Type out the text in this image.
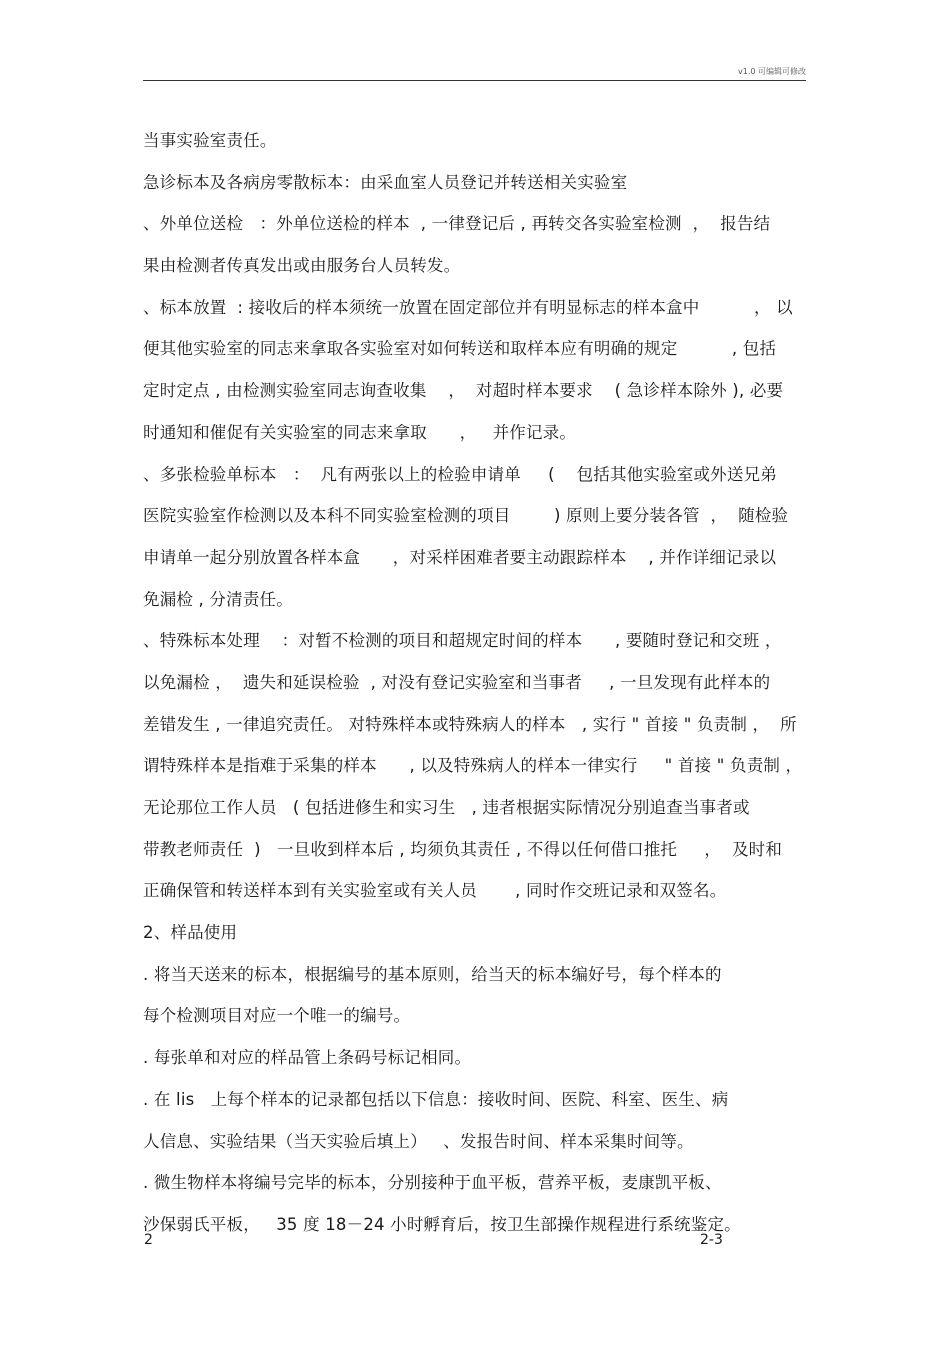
v1.0 可编辑可修改
当事实验室责任。
急诊标本及各病房零散标本：由采血室人员登记并转送相关实验室
、外单位送检   ：外单位送检的样本  , 一律登记后 , 再转交各实验室检测  ，  报告结
果由检测者传真发出或由服务台人员转发。
、标本放置  : 接收后的样本须统一放置在固定部位并有明显标志的样本盒中          ， 以
便其他实验室的同志来拿取各实验室对如何转送和取样本应有明确的规定          , 包括
定时定点 , 由检测实验室同志询查收集    ，  对超时样本要求    ( 急诊样本除外 ), 必要
时通知和催促有关实验室的同志来拿取      ，   并作记录。
、多张检验单标本   ：  凡有两张以上的检验申请单     (    包括其他实验室或外送兄弟
医院实验室作检测以及本科不同实验室检测的项目        ) 原则上要分装各管  ，  随检验
申请单一起分别放置各样本盒      ，对采样困难者要主动跟踪样本    , 并作详细记录以
免漏检 , 分清责任。
、特殊标本处理    ：对暂不检测的项目和超规定时间的样本      , 要随时登记和交班 ，
以免漏检 ，  遗失和延误检验  , 对没有登记实验室和当事者     , 一旦发现有此样本的
差错发生 , 一律追究责任。 对特殊样本或特殊病人的样本   , 实行 " 首接 " 负责制 ，  所
谓特殊样本是指难于采集的样本      , 以及特殊病人的样本一律实行     " 首接 " 负责制 ，
无论那位工作人员   ( 包括进修生和实习生   , 违者根据实际情况分别追查当事者或
带教老师责任  )   一旦收到样本后 , 均须负其责任 , 不得以任何借口推托     ，  及时和
正确保管和转送样本到有关实验室或有关人员       , 同时作交班记录和双签名。
2、样品使用
. 将当天送来的标本，根据编号的基本原则，给当天的标本编好号，每个样本的
每个检测项目对应一个唯一的编号。
. 每张单和对应的样品管上条码号标记相同。
. 在 lis   上每个样本的记录都包括以下信息：接收时间、医院、科室、医生、病
人信息、实验结果（当天实验后填上）   、发报告时间、样本采集时间等。
. 微生物样本将编号完毕的标本，分别接种于血平板，营养平板，麦康凯平板、
沙保弱氏平板，   35 度 18－24 小时孵育后，按卫生部操作规程进行系统鉴定。
2	2-3
